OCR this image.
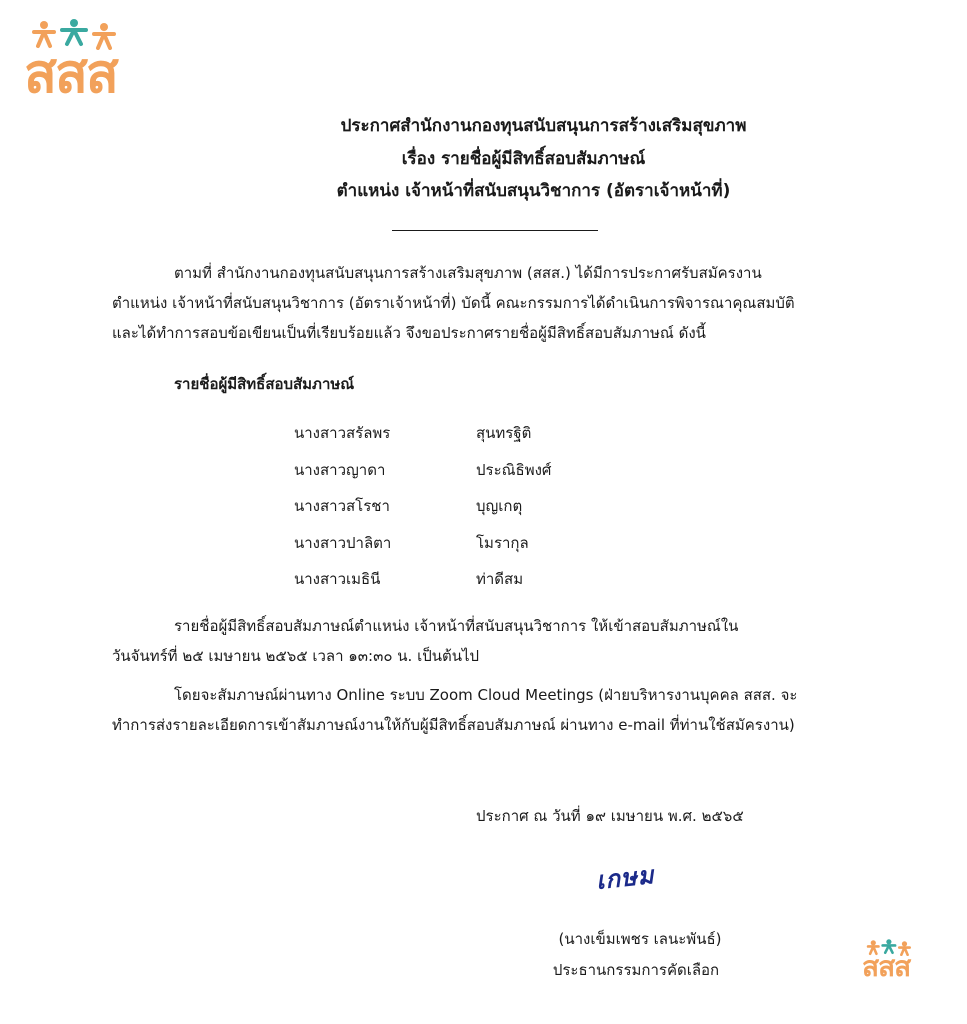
สสส
ประกาศสำนักงานกองทุนสนับสนุนการสร้างเสริมสุขภาพ
เรื่อง รายชื่อผู้มีสิทธิ์สอบสัมภาษณ์
ตำแหน่ง เจ้าหน้าที่สนับสนุนวิชาการ (อัตราเจ้าหน้าที่)
ตามที่ สำนักงานกองทุนสนับสนุนการสร้างเสริมสุขภาพ (สสส.) ได้มีการประกาศรับสมัครงาน
ตำแหน่ง เจ้าหน้าที่สนับสนุนวิชาการ (อัตราเจ้าหน้าที่) บัดนี้ คณะกรรมการได้ดำเนินการพิจารณาคุณสมบัติ
และได้ทำการสอบข้อเขียนเป็นที่เรียบร้อยแล้ว จึงขอประกาศรายชื่อผู้มีสิทธิ์สอบสัมภาษณ์ ดังนี้
รายชื่อผู้มีสิทธิ์สอบสัมภาษณ์
นางสาวสรัลพร	สุนทรฐิติ
นางสาวญาดา	ประณิธิพงศ์
นางสาวสโรชา	บุญเกตุ
นางสาวปาลิตา	โมรากุล
นางสาวเมธินี	ท่าดีสม
รายชื่อผู้มีสิทธิ์สอบสัมภาษณ์ตำแหน่ง เจ้าหน้าที่สนับสนุนวิชาการ ให้เข้าสอบสัมภาษณ์ใน
วันจันทร์ที่ ๒๕ เมษายน ๒๕๖๕ เวลา ๑๓:๓๐ น. เป็นต้นไป
โดยจะสัมภาษณ์ผ่านทาง Online ระบบ Zoom Cloud Meetings (ฝ่ายบริหารงานบุคคล สสส. จะ
ทำการส่งรายละเอียดการเข้าสัมภาษณ์งานให้กับผู้มีสิทธิ์สอบสัมภาษณ์ ผ่านทาง e-mail ที่ท่านใช้สมัครงาน)
ประกาศ ณ วันที่ ๑๙ เมษายน พ.ศ. ๒๕๖๕
เกษม
(นางเข็มเพชร เลนะพันธ์)
ประธานกรรมการคัดเลือก	สสส
